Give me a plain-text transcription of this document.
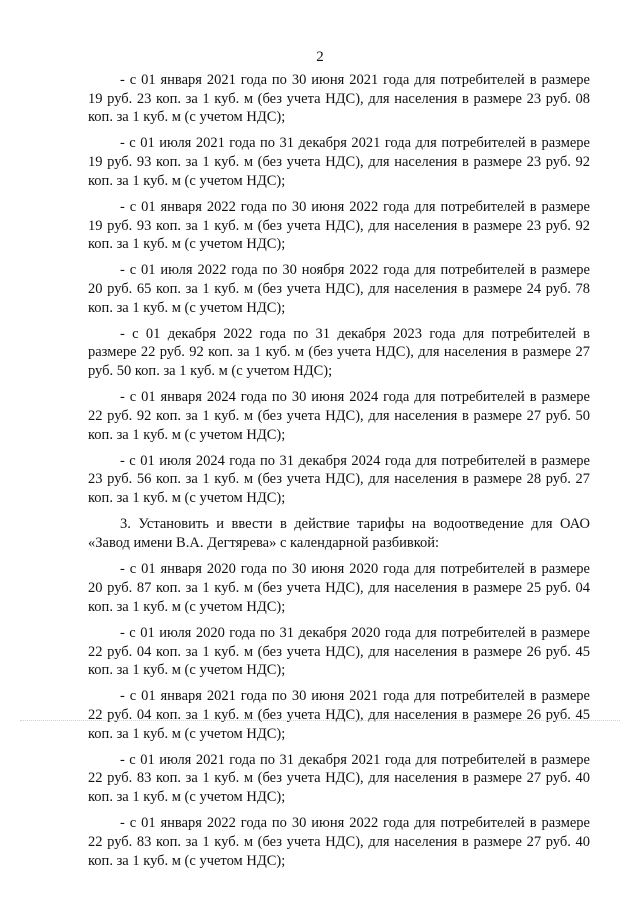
2

- с 01 января 2021 года по 30 июня 2021 года для потребителей в размере 19 руб. 23 коп. за 1 куб. м (без учета НДС), для населения в размере 23 руб. 08 коп. за 1 куб. м (с учетом НДС);

- с 01 июля 2021 года по 31 декабря 2021 года для потребителей в размере 19 руб. 93 коп. за 1 куб. м (без учета НДС), для населения в размере 23 руб. 92 коп. за 1 куб. м (с учетом НДС);

- с 01 января 2022 года по 30 июня 2022 года для потребителей в размере 19 руб. 93 коп. за 1 куб. м (без учета НДС), для населения в размере 23 руб. 92 коп. за 1 куб. м (с учетом НДС);

- с 01 июля 2022 года по 30 ноября 2022 года для потребителей в размере 20 руб. 65 коп. за 1 куб. м (без учета НДС), для населения в размере 24 руб. 78 коп. за 1 куб. м (с учетом НДС);

- с 01 декабря 2022 года по 31 декабря 2023 года для потребителей в размере 22 руб. 92 коп. за 1 куб. м (без учета НДС), для населения в размере 27 руб. 50 коп. за 1 куб. м (с учетом НДС);

- с 01 января 2024 года по 30 июня 2024 года для потребителей в размере 22 руб. 92 коп. за 1 куб. м (без учета НДС), для населения в размере 27 руб. 50 коп. за 1 куб. м (с учетом НДС);

- с 01 июля 2024 года по 31 декабря 2024 года для потребителей в размере 23 руб. 56 коп. за 1 куб. м (без учета НДС), для населения в размере 28 руб. 27 коп. за 1 куб. м (с учетом НДС);

3. Установить и ввести в действие тарифы на водоотведение для ОАО «Завод имени В.А. Дегтярева» с календарной разбивкой:

- с 01 января 2020 года по 30 июня 2020 года для потребителей в размере 20 руб. 87 коп. за 1 куб. м (без учета НДС), для населения в размере 25 руб. 04 коп. за 1 куб. м (с учетом НДС);

- с 01 июля 2020 года по 31 декабря 2020 года для потребителей в размере 22 руб. 04 коп. за 1 куб. м (без учета НДС), для населения в размере 26 руб. 45 коп. за 1 куб. м (с учетом НДС);

- с 01 января 2021 года по 30 июня 2021 года для потребителей в размере 22 руб. 04 коп. за 1 куб. м (без учета НДС), для населения в размере 26 руб. 45 коп. за 1 куб. м (с учетом НДС);

- с 01 июля 2021 года по 31 декабря 2021 года для потребителей в размере 22 руб. 83 коп. за 1 куб. м (без учета НДС), для населения в размере 27 руб. 40 коп. за 1 куб. м (с учетом НДС);

- с 01 января 2022 года по 30 июня 2022 года для потребителей в размере 22 руб. 83 коп. за 1 куб. м (без учета НДС), для населения в размере 27 руб. 40 коп. за 1 куб. м (с учетом НДС);
